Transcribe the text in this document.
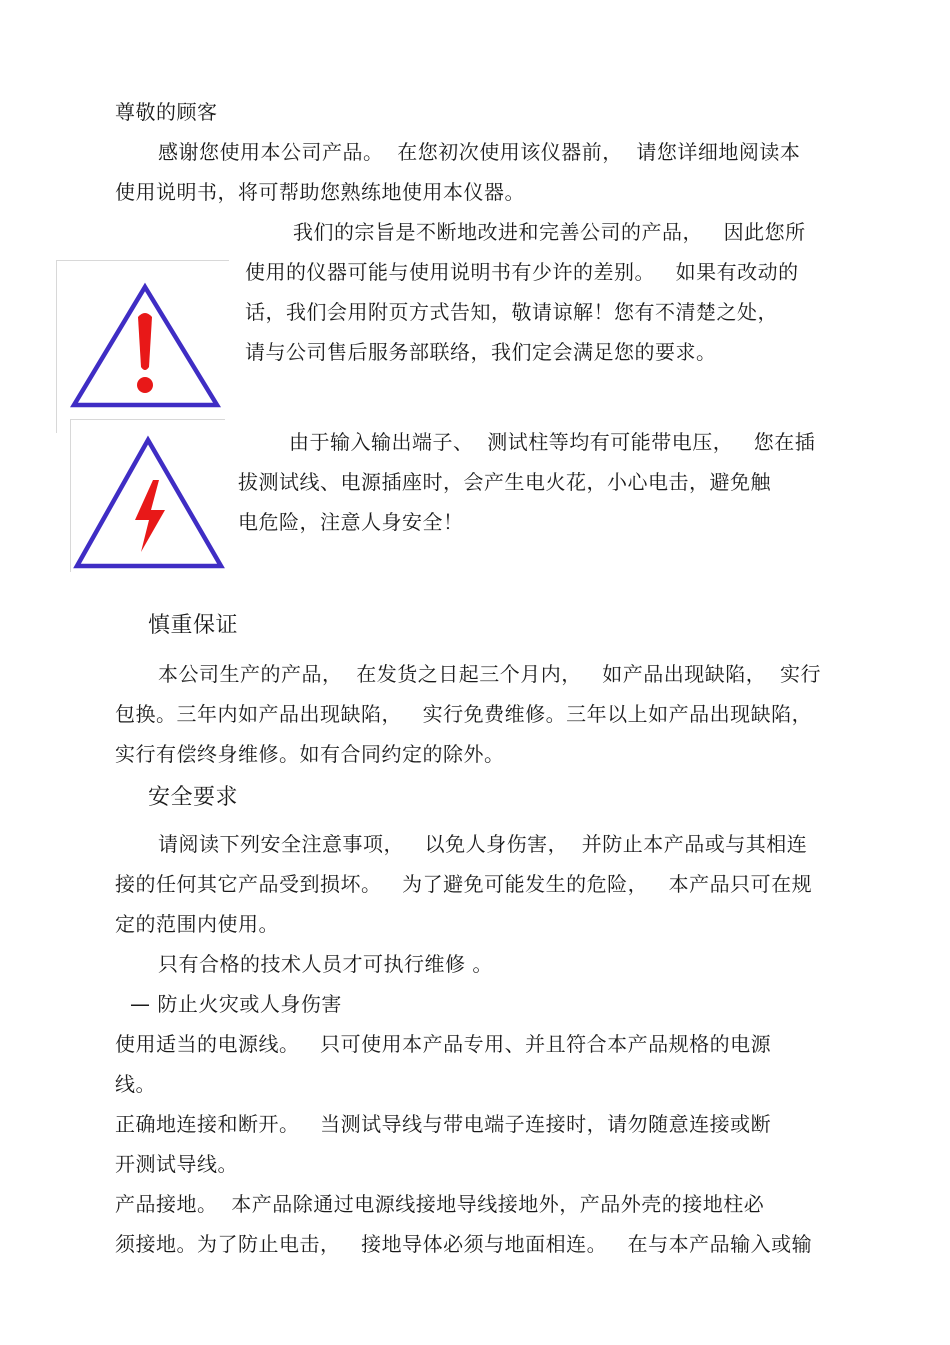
尊敬的顾客
感谢您使用本公司产品。  在您初次使用该仪器前，  请您详细地阅读本
使用说明书，将可帮助您熟练地使用本仪器。
我们的宗旨是不断地改进和完善公司的产品，   因此您所
使用的仪器可能与使用说明书有少许的差别。   如果有改动的
话，我们会用附页方式告知，敬请谅解！您有不清楚之处，
请与公司售后服务部联络，我们定会满足您的要求。
由于输入输出端子、  测试柱等均有可能带电压，   您在插
拔测试线、电源插座时，会产生电火花，小心电击，避免触
电危险，注意人身安全！
慎重保证
本公司生产的产品，  在发货之日起三个月内，   如产品出现缺陷，  实行
包换。三年内如产品出现缺陷，   实行免费维修。三年以上如产品出现缺陷，
实行有偿终身维修。如有合同约定的除外。
安全要求
请阅读下列安全注意事项，   以免人身伤害，  并防止本产品或与其相连
接的任何其它产品受到损坏。   为了避免可能发生的危险，   本产品只可在规
定的范围内使用。
只有合格的技术人员才可执行维修 。
— 防止火灾或人身伤害
使用适当的电源线。   只可使用本产品专用、并且符合本产品规格的电源
线。
正确地连接和断开。   当测试导线与带电端子连接时，请勿随意连接或断
开测试导线。
产品接地。  本产品除通过电源线接地导线接地外，产品外壳的接地柱必
须接地。为了防止电击，   接地导体必须与地面相连。   在与本产品输入或输
